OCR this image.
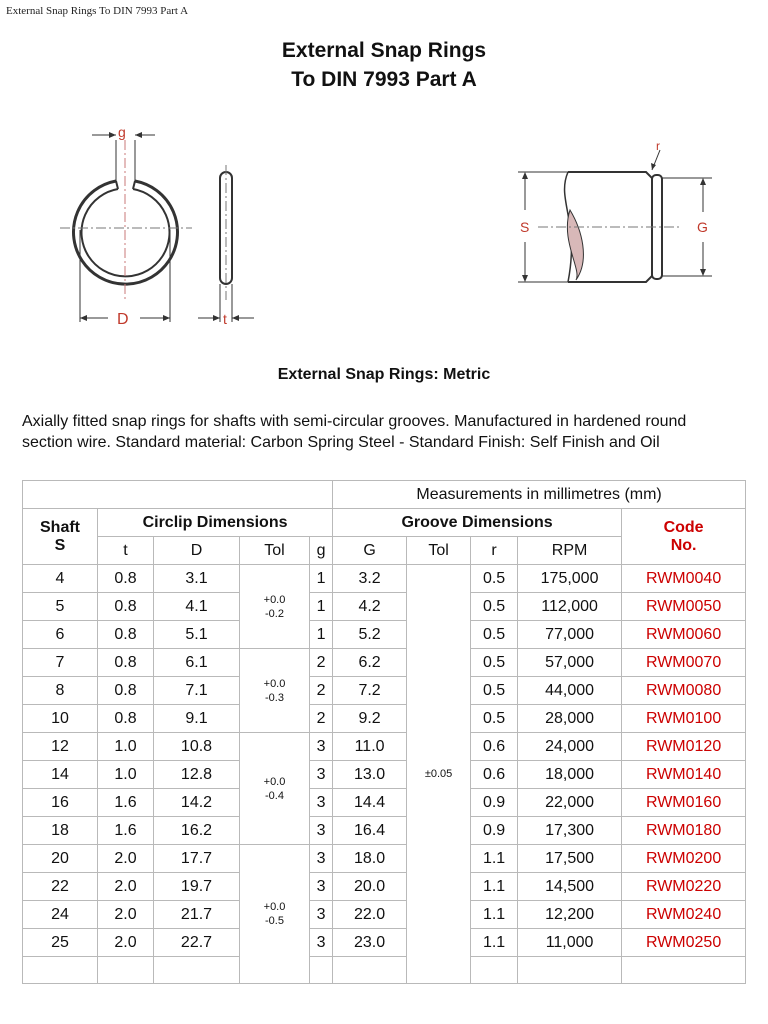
External Snap Rings To DIN 7993 Part A
External Snap Rings
To DIN 7993 Part A
g
D	t
r
S	G
External Snap Rings: Metric
Axially fitted snap rings for shafts with semi-circular grooves. Manufactured in hardened round
section wire. Standard material: Carbon Spring Steel - Standard Finish: Self Finish and Oil
					Measurements in millimetres (mm)				

Shaft
S	Circlip Dimensions				Groove Dimensions				Code
No.

	t	D	Tol	g	G	Tol	r	RPM	
4	0.8	3.1	+0.0
-0.2	1	3.2	±0.05	0.5	175,000	RWM0040
5	0.8	4.1		1	4.2		0.5	112,000	RWM0050
6	0.8	5.1		1	5.2		0.5	77,000	RWM0060
7	0.8	6.1	+0.0
-0.3	2	6.2		0.5	57,000	RWM0070
8	0.8	7.1		2	7.2		0.5	44,000	RWM0080
10	0.8	9.1		2	9.2		0.5	28,000	RWM0100
12	1.0	10.8	+0.0
-0.4	3	11.0		0.6	24,000	RWM0120
14	1.0	12.8		3	13.0		0.6	18,000	RWM0140
16	1.6	14.2		3	14.4		0.9	22,000	RWM0160
18	1.6	16.2		3	16.4		0.9	17,300	RWM0180
20	2.0	17.7	+0.0
-0.5	3	18.0		1.1	17,500	RWM0200
22	2.0	19.7		3	20.0		1.1	14,500	RWM0220
24	2.0	21.7		3	22.0		1.1	12,200	RWM0240
25	2.0	22.7		3	23.0		1.1	11,000	RWM0250
